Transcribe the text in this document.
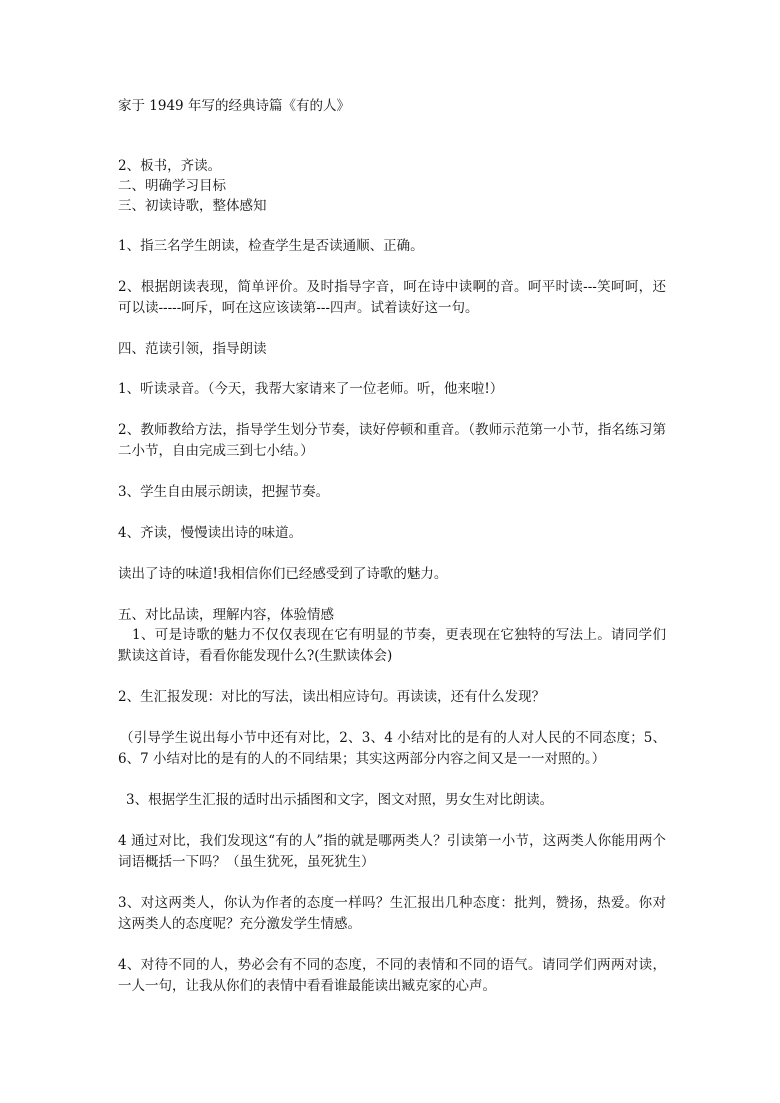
家于 1949 年写的经典诗篇《有的人》
2、板书，齐读。
二、明确学习目标
三、初读诗歌，整体感知
1、指三名学生朗读，检查学生是否读通顺、正确。
2、根据朗读表现，简单评价。及时指导字音，呵在诗中读啊的音。呵平时读---笑呵呵，还可以读-----呵斥，呵在这应该读第---四声。试着读好这一句。
四、范读引领，指导朗读
1、听读录音。（今天，我帮大家请来了一位老师。听，他来啦!）
2、教师教给方法，指导学生划分节奏，读好停顿和重音。（教师示范第一小节，指名练习第二小节，自由完成三到七小结。）
3、学生自由展示朗读，把握节奏。
4、齐读，慢慢读出诗的味道。
读出了诗的味道!我相信你们已经感受到了诗歌的魅力。
五、对比品读，理解内容，体验情感
1、可是诗歌的魅力不仅仅表现在它有明显的节奏，更表现在它独特的写法上。请同学们默读这首诗，看看你能发现什么?(生默读体会)
2、生汇报发现：对比的写法，读出相应诗句。再读读，还有什么发现？
（引导学生说出每小节中还有对比，2、3、4 小结对比的是有的人对人民的不同态度；5、6、7 小结对比的是有的人的不同结果；其实这两部分内容之间又是一一对照的。）
3、根据学生汇报的适时出示插图和文字，图文对照，男女生对比朗读。
4 通过对比，我们发现这“有的人”指的就是哪两类人？引读第一小节，这两类人你能用两个词语概括一下吗？（虽生犹死，虽死犹生）
3、对这两类人，你认为作者的态度一样吗？生汇报出几种态度：批判，赞扬，热爱。你对这两类人的态度呢？充分激发学生情感。
4、对待不同的人，势必会有不同的态度，不同的表情和不同的语气。请同学们两两对读，一人一句，让我从你们的表情中看看谁最能读出臧克家的心声。
